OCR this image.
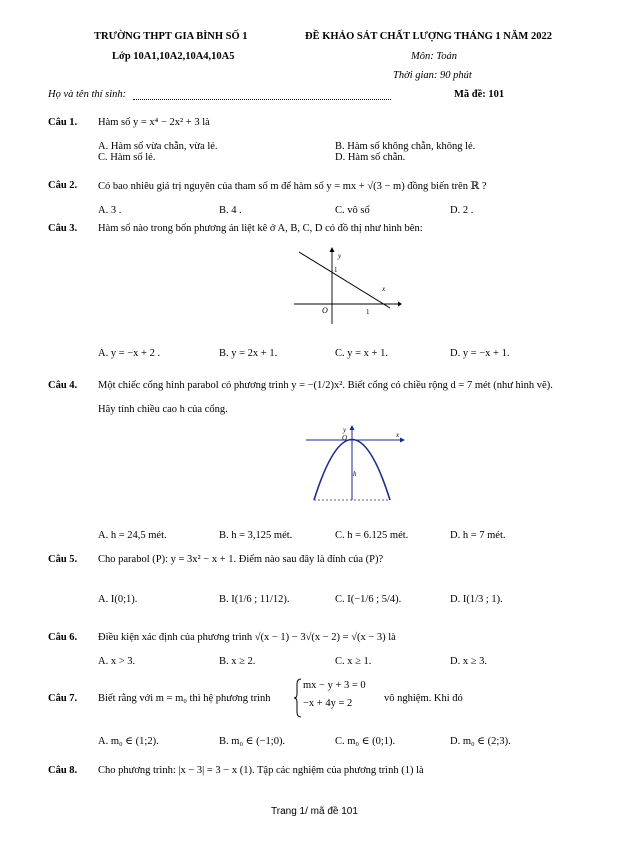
TRƯỜNG THPT GIA BÌNH SỐ 1
Lớp 10A1,10A2,10A4,10A5
ĐỀ KHẢO SÁT CHẤT LƯỢNG THÁNG 1 NĂM 2022
Môn: Toán
Thời gian: 90 phút
Họ và tên thí sinh:	Mã đề: 101
Câu 1. Hàm số y = x⁴ − 2x² + 3 là
A. Hàm số vừa chẵn, vừa lẻ.	B. Hàm số không chẵn, không lẻ.
C. Hàm số lẻ.	D. Hàm số chẵn.
Câu 2. Có bao nhiêu giá trị nguyên của tham số m để hàm số y = mx + √(3 − m) đồng biến trên ℝ ?
A. 3 .	B. 4 .	C. vô số	D. 2 .
Câu 3. Hàm số nào trong bốn phương án liệt kê ở A, B, C, D có đồ thị như hình bên:
y
x
1
O	1
A. y = −x + 2 .	B. y = 2x + 1.	C. y = x + 1.	D. y = −x + 1.
Câu 4. Một chiếc cổng hình parabol có phương trình y = −(1/2)x². Biết cổng có chiều rộng d = 7 mét (như hình vẽ).
Hãy tính chiều cao h của cổng.
y
x
O
h
A. h = 24,5 mét.	B. h = 3,125 mét.	C. h = 6.125 mét.	D. h = 7 mét.
Câu 5. Cho parabol (P): y = 3x² − x + 1. Điểm nào sau đây là đỉnh của (P)?
A. I(0;1).	B. I(1/6 ; 11/12).	C. I(−1/6 ; 5/4).	D. I(1/3 ; 1).
Câu 6. Điều kiện xác định của phương trình √(x − 1) − 3√(x − 2) = √(x − 3) là
A. x > 3.	B. x ≥ 2.	C. x ≥ 1.	D. x ≥ 3.
Câu 7. Biết rằng với m = m₀ thì hệ phương trình
mx − y + 3 = 0
−x + 4y = 2	vô nghiệm. Khi đó
A. m₀ ∈ (1;2).	B. m₀ ∈ (−1;0).	C. m₀ ∈ (0;1).	D. m₀ ∈ (2;3).
Câu 8. Cho phương trình: |x − 3| = 3 − x (1). Tập các nghiệm của phương trình (1) là
Trang 1/ mã đề 101
